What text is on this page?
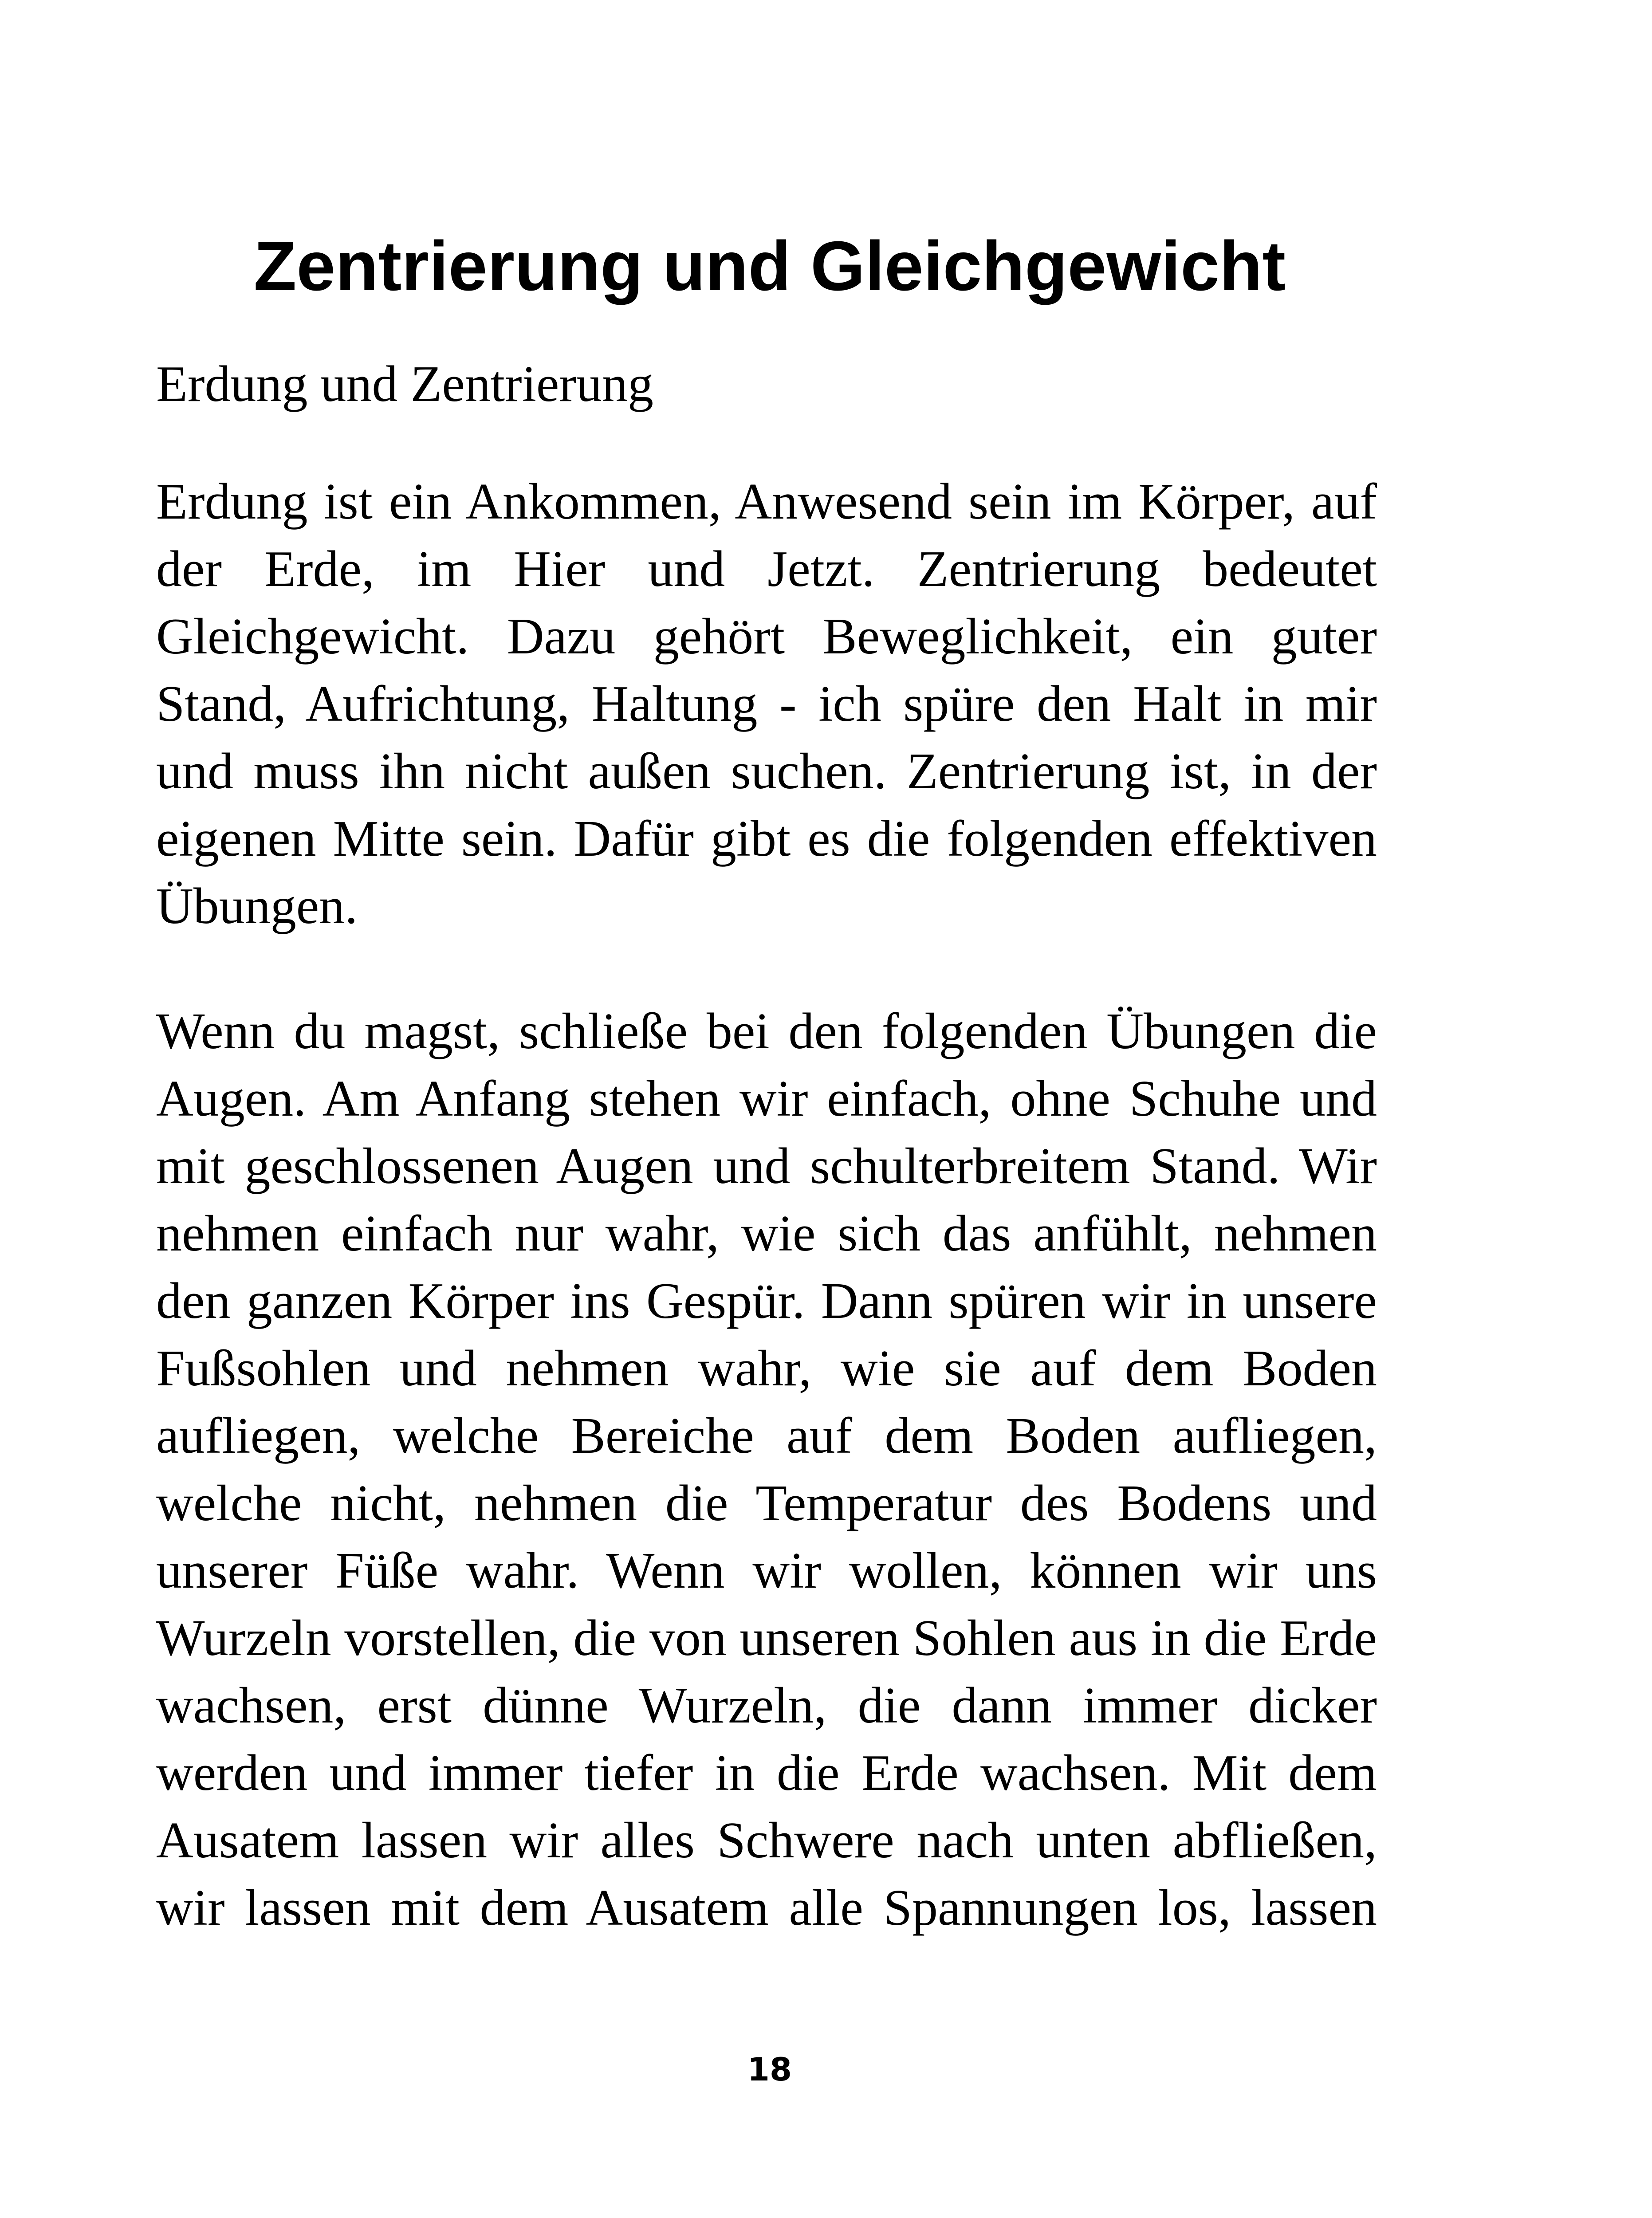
Zentrierung und Gleichgewicht
Erdung und Zentrierung

Erdung ist ein Ankommen, Anwesend sein im Körper, auf der Erde, im Hier und Jetzt. Zentrierung bedeutet Gleichgewicht. Dazu gehört Beweglichkeit, ein guter Stand, Aufrichtung, Haltung - ich spüre den Halt in mir und muss ihn nicht außen suchen. Zentrierung ist, in der eigenen Mitte sein. Dafür gibt es die folgenden effektiven Übungen.

Wenn du magst, schließe bei den folgenden Übungen die Augen. Am Anfang stehen wir einfach, ohne Schuhe und mit geschlossenen Augen und schulterbreitem Stand. Wir nehmen einfach nur wahr, wie sich das anfühlt, nehmen den ganzen Körper ins Gespür. Dann spüren wir in unsere Fußsohlen und nehmen wahr, wie sie auf dem Boden aufliegen, welche Bereiche auf dem Boden aufliegen, welche nicht, nehmen die Temperatur des Bodens und unserer Füße wahr. Wenn wir wollen, können wir uns Wurzeln vorstellen, die von unseren Sohlen aus in die Erde wachsen, erst dünne Wurzeln, die dann immer dicker werden und immer tiefer in die Erde wachsen. Mit dem Ausatem lassen wir alles Schwere nach unten abfließen, wir lassen mit dem Ausatem alle Spannungen los, lassen

18
